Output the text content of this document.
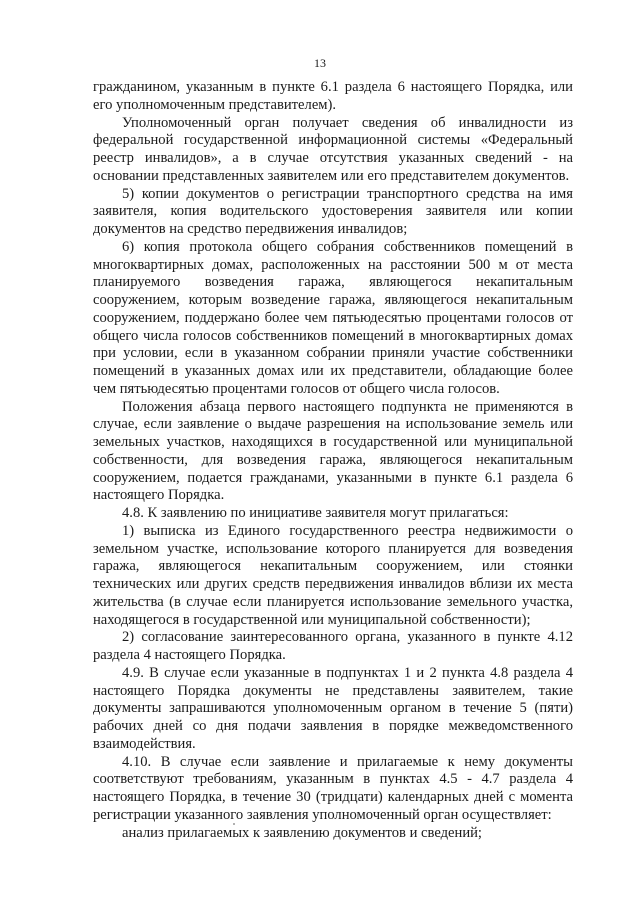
13

гражданином, указанным в пункте 6.1 раздела 6 настоящего Порядка, или его уполномоченным представителем).

Уполномоченный орган получает сведения об инвалидности из федеральной государственной информационной системы «Федеральный реестр инвалидов», а в случае отсутствия указанных сведений - на основании представленных заявителем или его представителем документов.

5) копии документов о регистрации транспортного средства на имя заявителя, копия водительского удостоверения заявителя или копии документов на средство передвижения инвалидов;

6) копия протокола общего собрания собственников помещений в многоквартирных домах, расположенных на расстоянии 500 м от места планируемого возведения гаража, являющегося некапитальным сооружением, которым возведение гаража, являющегося некапитальным сооружением, поддержано более чем пятьюдесятью процентами голосов от общего числа голосов собственников помещений в многоквартирных домах при условии, если в указанном собрании приняли участие собственники помещений в указанных домах или их представители, обладающие более чем пятьюдесятью процентами голосов от общего числа голосов.

Положения абзаца первого настоящего подпункта не применяются в случае, если заявление о выдаче разрешения на использование земель или земельных участков, находящихся в государственной или муниципальной собственности, для возведения гаража, являющегося некапитальным сооружением, подается гражданами, указанными в пункте 6.1 раздела 6 настоящего Порядка.

4.8. К заявлению по инициативе заявителя могут прилагаться:

1) выписка из Единого государственного реестра недвижимости о земельном участке, использование которого планируется для возведения гаража, являющегося некапитальным сооружением, или стоянки технических или других средств передвижения инвалидов вблизи их места жительства (в случае если планируется использование земельного участка, находящегося в государственной или муниципальной собственности);

2) согласование заинтересованного органа, указанного в пункте 4.12 раздела 4 настоящего Порядка.

4.9. В случае если указанные в подпунктах 1 и 2 пункта 4.8 раздела 4 настоящего Порядка документы не представлены заявителем, такие документы запрашиваются уполномоченным органом в течение 5 (пяти) рабочих дней со дня подачи заявления в порядке межведомственного взаимодействия.

4.10. В случае если заявление и прилагаемые к нему документы соответствуют требованиям, указанным в пунктах 4.5 - 4.7 раздела 4 настоящего Порядка, в течение 30 (тридцати) календарных дней с момента регистрации указанного заявления уполномоченный орган осуществляет:

анализ прилагаемых к заявлению документов и сведений;
